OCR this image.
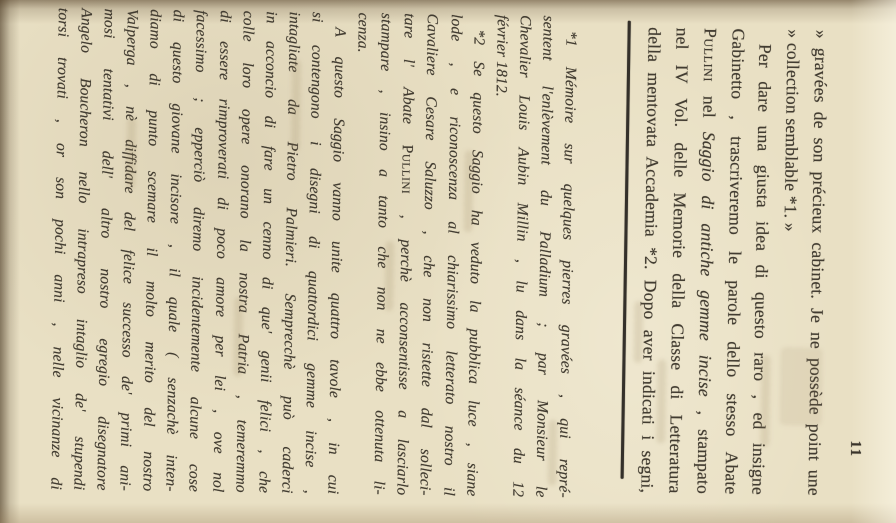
11
» gravées de son précieux cabinet. Je ne possède point une
» collection semblable *1. »
Per dare una giusta idea di questo raro , ed insigne
Gabinetto , trascriveremo le parole dello stesso Abate
Pullini nel Saggio di antiche gemme incise , stampato
nel IV Vol. delle Memorie della Classe di Letteratura
della mentovata Accademia *2. Dopo aver indicati i segni,
*1 Mémoire sur quelques pierres gravées , qui repré-
sentent l'enlèvement du Palladium ; par Monsieur le
Chevalier Louis Aubin Millin , lu dans la séance du 12
février 1812.
*2 Se questo Saggio ha veduto la pubblica luce , siane
lode , e riconoscenza al chiarissimo letterato nostro il
Cavaliere Cesare Saluzzo , che non ristette dal solleci-
tare l' Abate Pullini , perchè acconsentisse a lasciarlo
stampare , insino a tanto che non ne ebbe ottenuta li-
cenza.
A questo Saggio vanno unite quattro tavole , in cui
si contengono i disegni di quattordici gemme incise ,
intagliate da Pietro Palmieri. Semprecchè può caderci
in acconcio di fare un cenno di que' genii felici , che
colle loro opere onorano la nostra Patria , temeremmo
di essere rimproverati di poco amore per lei , ove nol
facessimo ; epperciò diremo incidentemente alcune cose
di questo giovane incisore , il quale ( senzachè inten-
diamo di punto scemare il molto merito del nostro
Valperga , nè diffidare del felice successo de' primi ani-
mosi tentativi dell' altro nostro egregio disegnatore
Angelo Boucheron nello intrapreso intaglio de' stupendi
torsi trovati , or son pochi anni , nelle vicinanze di
